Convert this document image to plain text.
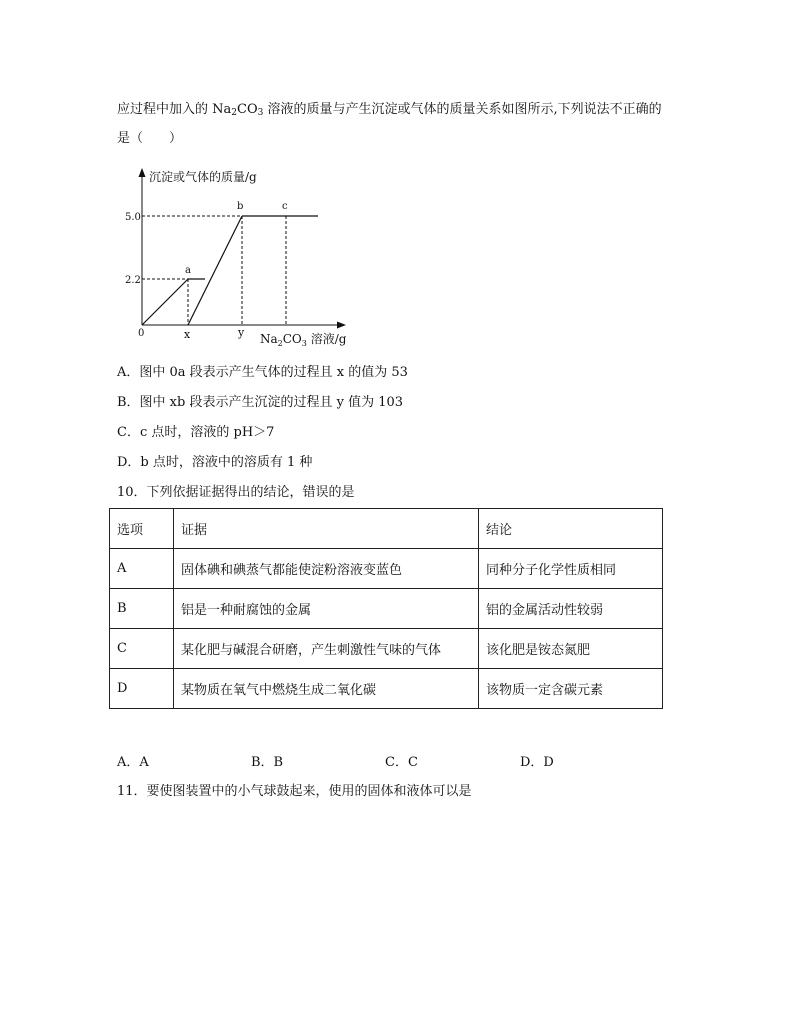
应过程中加入的 $Na_2CO_3$ 溶液的质量与产生沉淀或气体的质量关系如图所示,下列说法不正确的
是（　　）
沉淀或气体的质量/g
5.0
2.2
0	x	y
a
b	c
$Na_2CO_3$ 溶液/g
A．图中 0a 段表示产生气体的过程且 x 的值为 53
B．图中 xb 段表示产生沉淀的过程且 y 值为 103
C．c 点时，溶液的 pH＞7
D．b 点时，溶液中的溶质有 1 种
10．下列依据证据得出的结论，错误的是
选项	证据	结论
A	固体碘和碘蒸气都能使淀粉溶液变蓝色	同种分子化学性质相同
B	铝是一种耐腐蚀的金属	铝的金属活动性较弱
C	某化肥与碱混合研磨，产生刺激性气味的气体	该化肥是铵态氮肥
D	某物质在氧气中燃烧生成二氧化碳	该物质一定含碳元素
A．A	B．B	C．C	D．D
11．要使图装置中的小气球鼓起来，使用的固体和液体可以是
